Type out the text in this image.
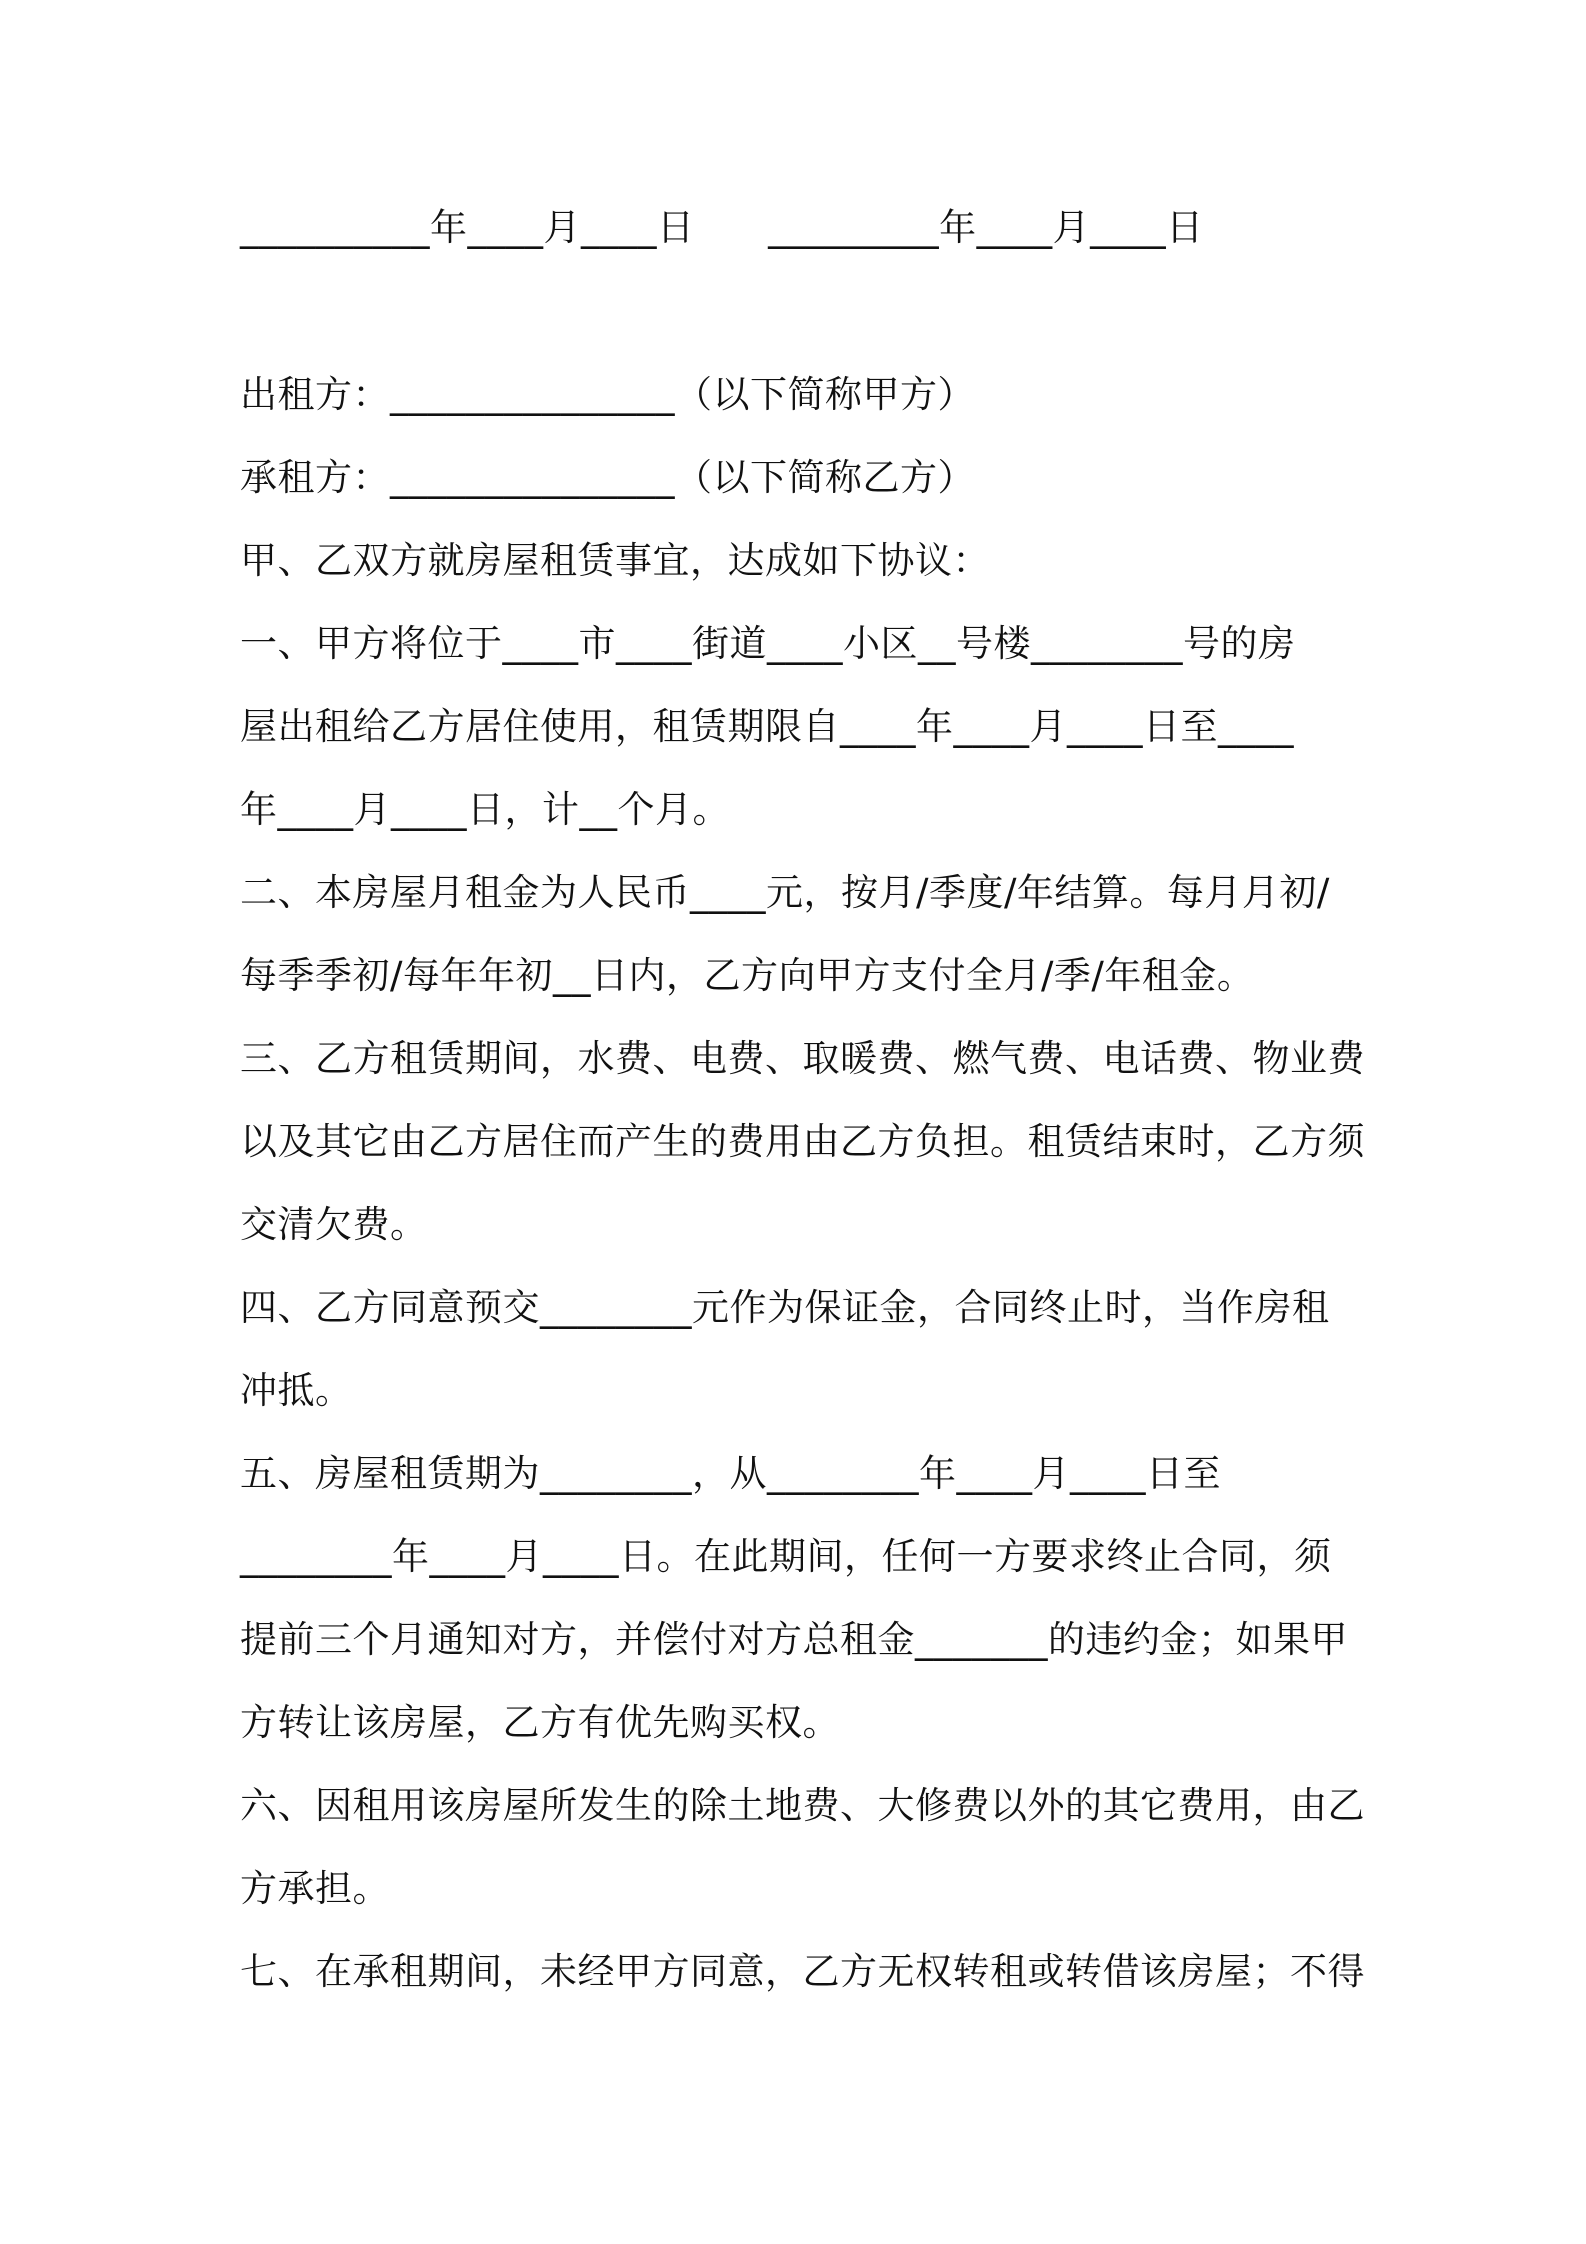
__________年____月____日      _________年____月____日
出租方：_______________（以下简称甲方）
承租方：_______________（以下简称乙方）
甲、乙双方就房屋租赁事宜，达成如下协议：
一、甲方将位于____市____街道____小区__号楼________号的房
屋出租给乙方居住使用，租赁期限自____年____月____日至____
年____月____日，计__个月。
二、本房屋月租金为人民币____元，按月/季度/年结算。每月月初/
每季季初/每年年初__日内，乙方向甲方支付全月/季/年租金。
三、乙方租赁期间，水费、电费、取暖费、燃气费、电话费、物业费
以及其它由乙方居住而产生的费用由乙方负担。租赁结束时，乙方须
交清欠费。
四、乙方同意预交________元作为保证金，合同终止时，当作房租
冲抵。
五、房屋租赁期为________，从________年____月____日至
________年____月____日。在此期间，任何一方要求终止合同，须
提前三个月通知对方，并偿付对方总租金_______的违约金；如果甲
方转让该房屋，乙方有优先购买权。
六、因租用该房屋所发生的除土地费、大修费以外的其它费用，由乙
方承担。
七、在承租期间，未经甲方同意，乙方无权转租或转借该房屋；不得
